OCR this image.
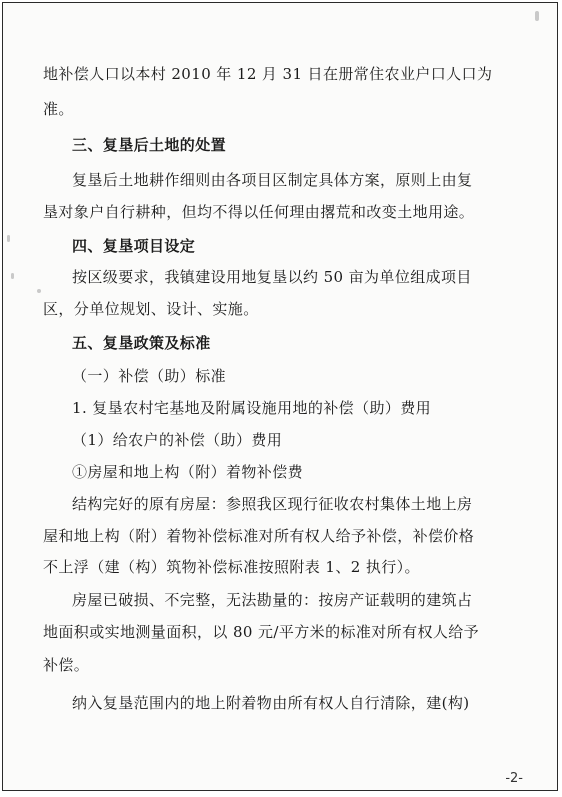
地补偿人口以本村 2010 年 12 月 31 日在册常住农业户口人口为
准。
三、复垦后土地的处置
复垦后土地耕作细则由各项目区制定具体方案，原则上由复
垦对象户自行耕种，但均不得以任何理由撂荒和改变土地用途。
四、复垦项目设定
按区级要求，我镇建设用地复垦以约 50 亩为单位组成项目
区，分单位规划、设计、实施。
五、复垦政策及标准
（一）补偿（助）标准
1. 复垦农村宅基地及附属设施用地的补偿（助）费用
（1）给农户的补偿（助）费用
①房屋和地上构（附）着物补偿费
结构完好的原有房屋：参照我区现行征收农村集体土地上房
屋和地上构（附）着物补偿标准对所有权人给予补偿，补偿价格
不上浮（建（构）筑物补偿标准按照附表 1、2 执行）。
房屋已破损、不完整，无法勘量的：按房产证载明的建筑占
地面积或实地测量面积，以 80 元/平方米的标准对所有权人给予
补偿。
纳入复垦范围内的地上附着物由所有权人自行清除，建(构)
-2-
